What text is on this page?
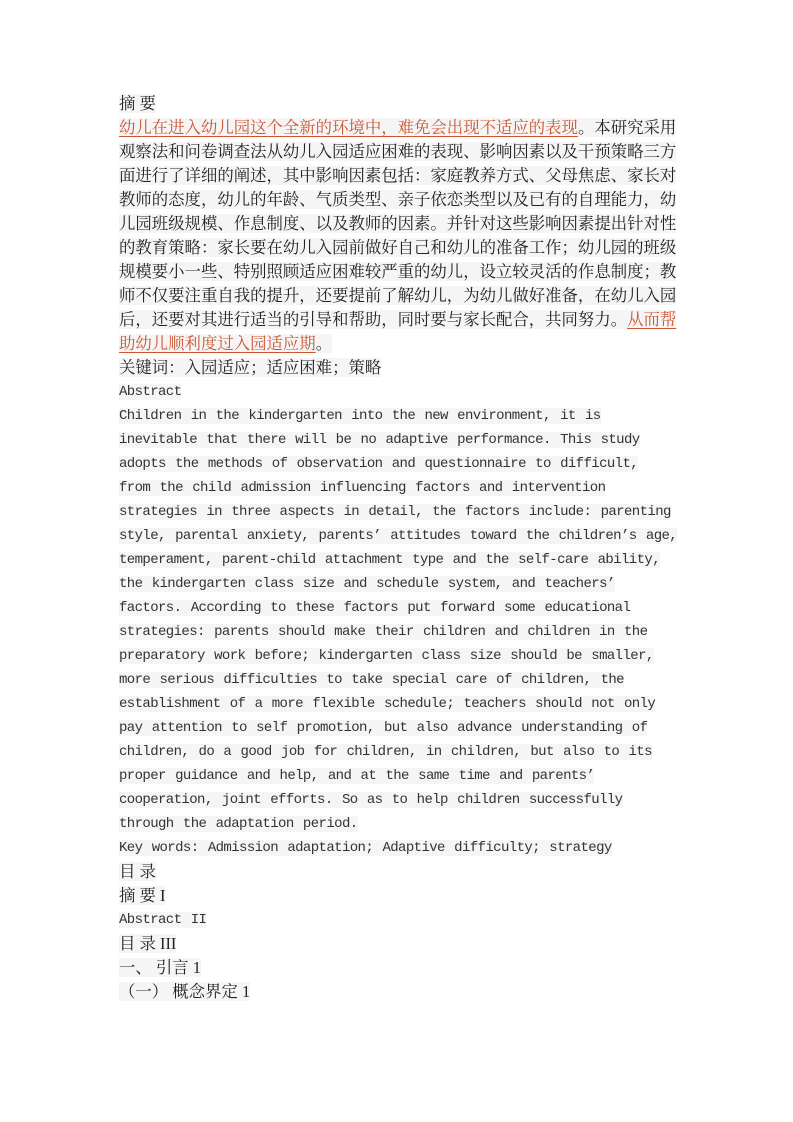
摘 要
幼儿在进入幼儿园这个全新的环境中，难免会出现不适应的表现。本研究采用
观察法和问卷调查法从幼儿入园适应困难的表现、影响因素以及干预策略三方
面进行了详细的阐述，其中影响因素包括：家庭教养方式、父母焦虑、家长对
教师的态度，幼儿的年龄、气质类型、亲子依恋类型以及已有的自理能力，幼
儿园班级规模、作息制度、以及教师的因素。并针对这些影响因素提出针对性
的教育策略：家长要在幼儿入园前做好自己和幼儿的准备工作；幼儿园的班级
规模要小一些、特别照顾适应困难较严重的幼儿，设立较灵活的作息制度；教
师不仅要注重自我的提升，还要提前了解幼儿，为幼儿做好准备，在幼儿入园
后，还要对其进行适当的引导和帮助，同时要与家长配合，共同努力。从而帮
助幼儿顺利度过入园适应期。
关键词：入园适应；适应困难；策略
Abstract
Children in the kindergarten into the new environment, it is
inevitable that there will be no adaptive performance. This study
adopts the methods of observation and questionnaire to difficult,
from the child admission influencing factors and intervention
strategies in three aspects in detail, the factors include: parenting
style, parental anxiety, parents’ attitudes toward the children’s age,
temperament, parent-child attachment type and the self-care ability,
the kindergarten class size and schedule system, and teachers’
factors. According to these factors put forward some educational
strategies: parents should make their children and children in the
preparatory work before; kindergarten class size should be smaller,
more serious difficulties to take special care of children, the
establishment of a more flexible schedule; teachers should not only
pay attention to self promotion, but also advance understanding of
children, do a good job for children, in children, but also to its
proper guidance and help, and at the same time and parents’
cooperation, joint efforts. So as to help children successfully
through the adaptation period.
Key words: Admission adaptation; Adaptive difficulty; strategy
目 录
摘 要 I
Abstract II
目 录 III
一、 引言 1
（一） 概念界定 1
